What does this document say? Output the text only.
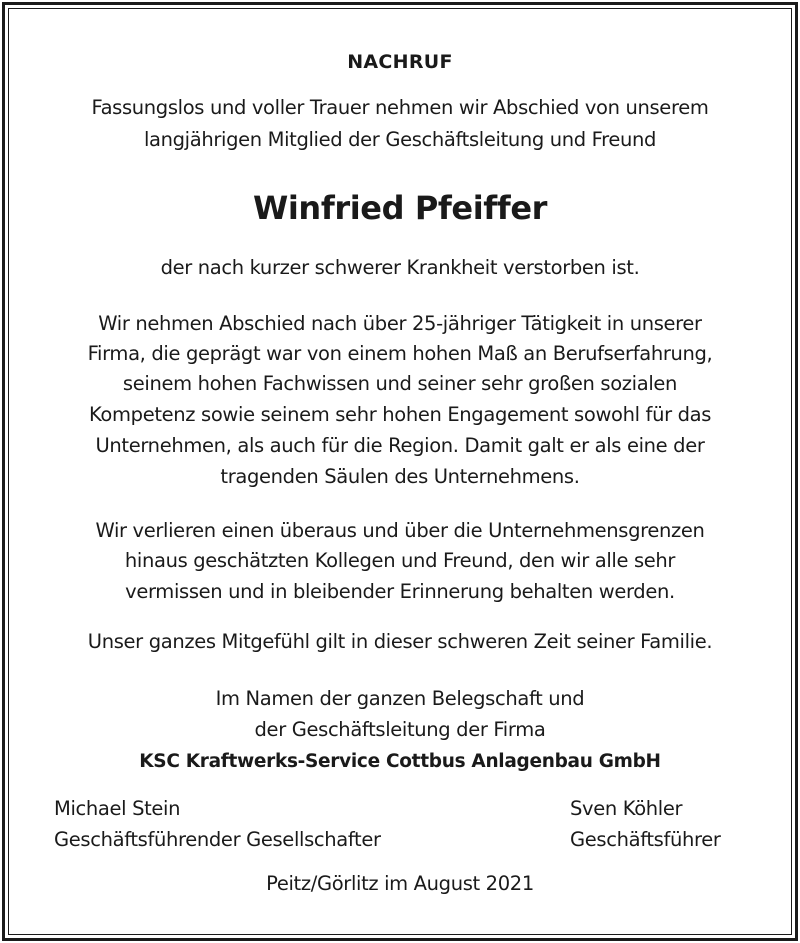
NACHRUF
Fassungslos und voller Trauer nehmen wir Abschied von unserem
langjährigen Mitglied der Geschäftsleitung und Freund
Winfried Pfeiffer
der nach kurzer schwerer Krankheit verstorben ist.
Wir nehmen Abschied nach über 25-jähriger Tätigkeit in unserer
Firma, die geprägt war von einem hohen Maß an Berufserfahrung,
seinem hohen Fachwissen und seiner sehr großen sozialen
Kompetenz sowie seinem sehr hohen Engagement sowohl für das
Unternehmen, als auch für die Region. Damit galt er als eine der
tragenden Säulen des Unternehmens.
Wir verlieren einen überaus und über die Unternehmensgrenzen
hinaus geschätzten Kollegen und Freund, den wir alle sehr
vermissen und in bleibender Erinnerung behalten werden.
Unser ganzes Mitgefühl gilt in dieser schweren Zeit seiner Familie.
Im Namen der ganzen Belegschaft und
der Geschäftsleitung der Firma
KSC Kraftwerks-Service Cottbus Anlagenbau GmbH
Michael Stein
Geschäftsführender Gesellschafter
Sven Köhler
Geschäftsführer
Peitz/Görlitz im August 2021
